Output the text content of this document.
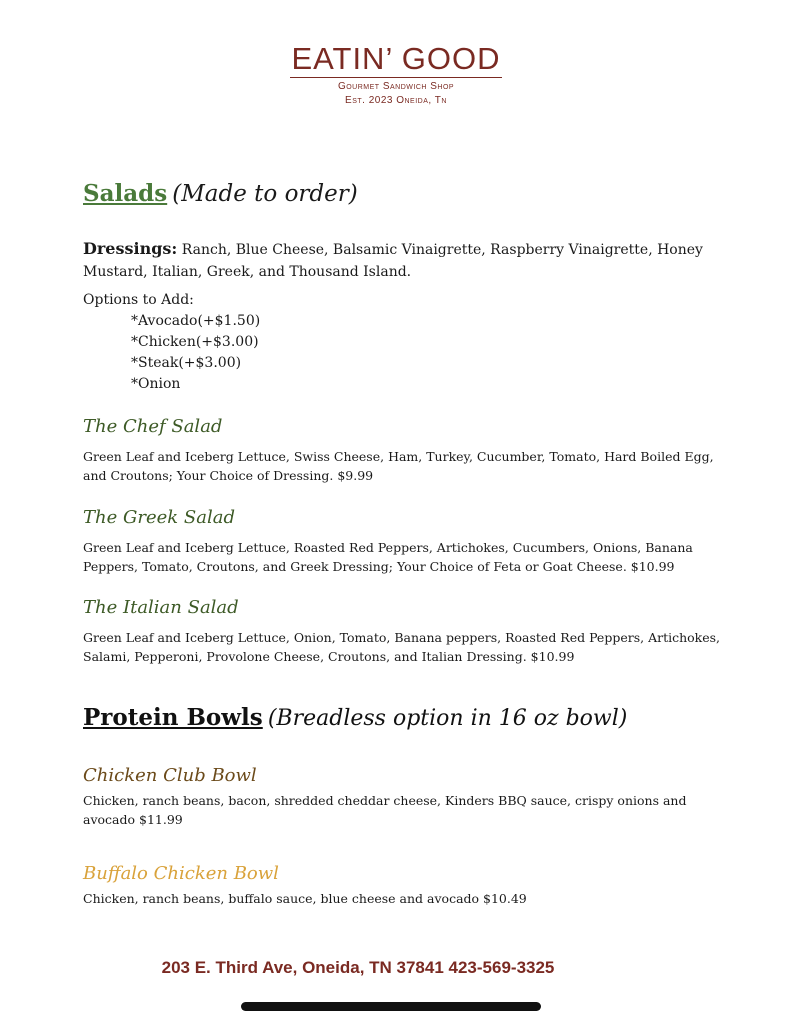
EATIN’ GOOD
Gourmet Sandwich Shop
Est. 2023 Oneida, Tn
Salads (Made to order)
Dressings: Ranch, Blue Cheese, Balsamic Vinaigrette, Raspberry Vinaigrette, Honey Mustard, Italian, Greek, and Thousand Island.
Options to Add:
*Avocado(+$1.50)
*Chicken(+$3.00)
*Steak(+$3.00)
*Onion
The Chef Salad
Green Leaf and Iceberg Lettuce, Swiss Cheese, Ham, Turkey, Cucumber, Tomato, Hard Boiled Egg, and Croutons; Your Choice of Dressing. $9.99
The Greek Salad
Green Leaf and Iceberg Lettuce, Roasted Red Peppers, Artichokes, Cucumbers, Onions, Banana Peppers, Tomato, Croutons, and Greek Dressing; Your Choice of Feta or Goat Cheese. $10.99
The Italian Salad
Green Leaf and Iceberg Lettuce, Onion, Tomato, Banana peppers, Roasted Red Peppers, Artichokes, Salami, Pepperoni, Provolone Cheese, Croutons, and Italian Dressing. $10.99
Protein Bowls (Breadless option in 16 oz bowl)
Chicken Club Bowl
Chicken, ranch beans, bacon, shredded cheddar cheese, Kinders BBQ sauce, crispy onions and avocado $11.99
Buffalo Chicken Bowl
Chicken, ranch beans, buffalo sauce, blue cheese and avocado $10.49
203 E. Third Ave, Oneida, TN 37841 423-569-3325
